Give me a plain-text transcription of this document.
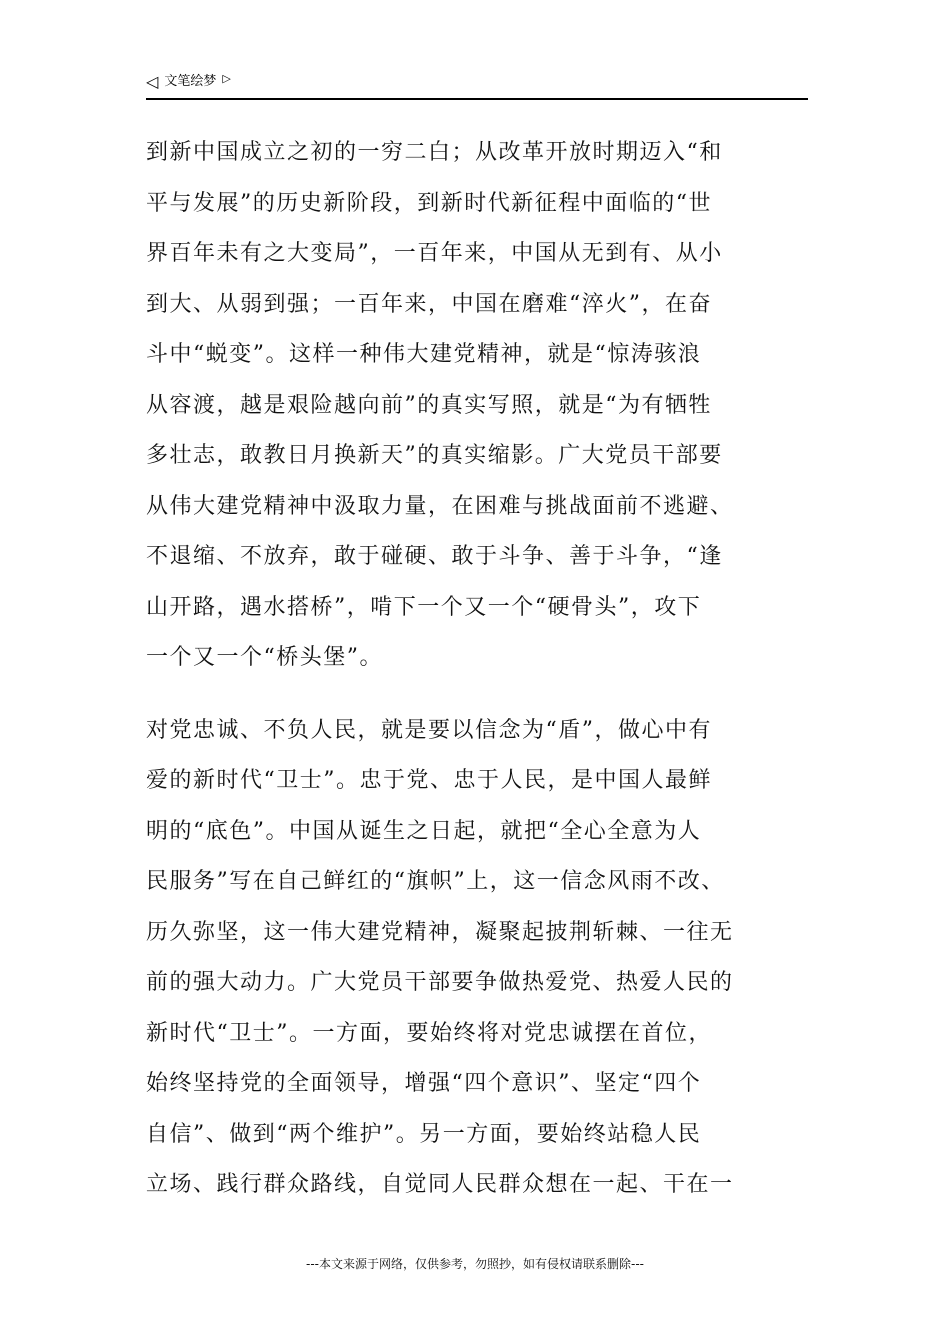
◁ 文笔绘梦 ▷
到新中国成立之初的一穷二白；从改革开放时期迈入“和
平与发展”的历史新阶段，到新时代新征程中面临的“世
界百年未有之大变局”，一百年来，中国从无到有、从小
到大、从弱到强；一百年来，中国在磨难“淬火”，在奋
斗中“蜕变”。这样一种伟大建党精神，就是“惊涛骇浪
从容渡，越是艰险越向前”的真实写照，就是“为有牺牲
多壮志，敢教日月换新天”的真实缩影。广大党员干部要
从伟大建党精神中汲取力量，在困难与挑战面前不逃避、
不退缩、不放弃，敢于碰硬、敢于斗争、善于斗争，“逢
山开路，遇水搭桥”，啃下一个又一个“硬骨头”，攻下
一个又一个“桥头堡”。
对党忠诚、不负人民，就是要以信念为“盾”，做心中有
爱的新时代“卫士”。忠于党、忠于人民，是中国人最鲜
明的“底色”。中国从诞生之日起，就把“全心全意为人
民服务”写在自己鲜红的“旗帜”上，这一信念风雨不改、
历久弥坚，这一伟大建党精神，凝聚起披荆斩棘、一往无
前的强大动力。广大党员干部要争做热爱党、热爱人民的
新时代“卫士”。一方面，要始终将对党忠诚摆在首位，
始终坚持党的全面领导，增强“四个意识”、坚定“四个
自信”、做到“两个维护”。另一方面，要始终站稳人民
立场、践行群众路线，自觉同人民群众想在一起、干在一
---本文来源于网络，仅供参考，勿照抄，如有侵权请联系删除---
